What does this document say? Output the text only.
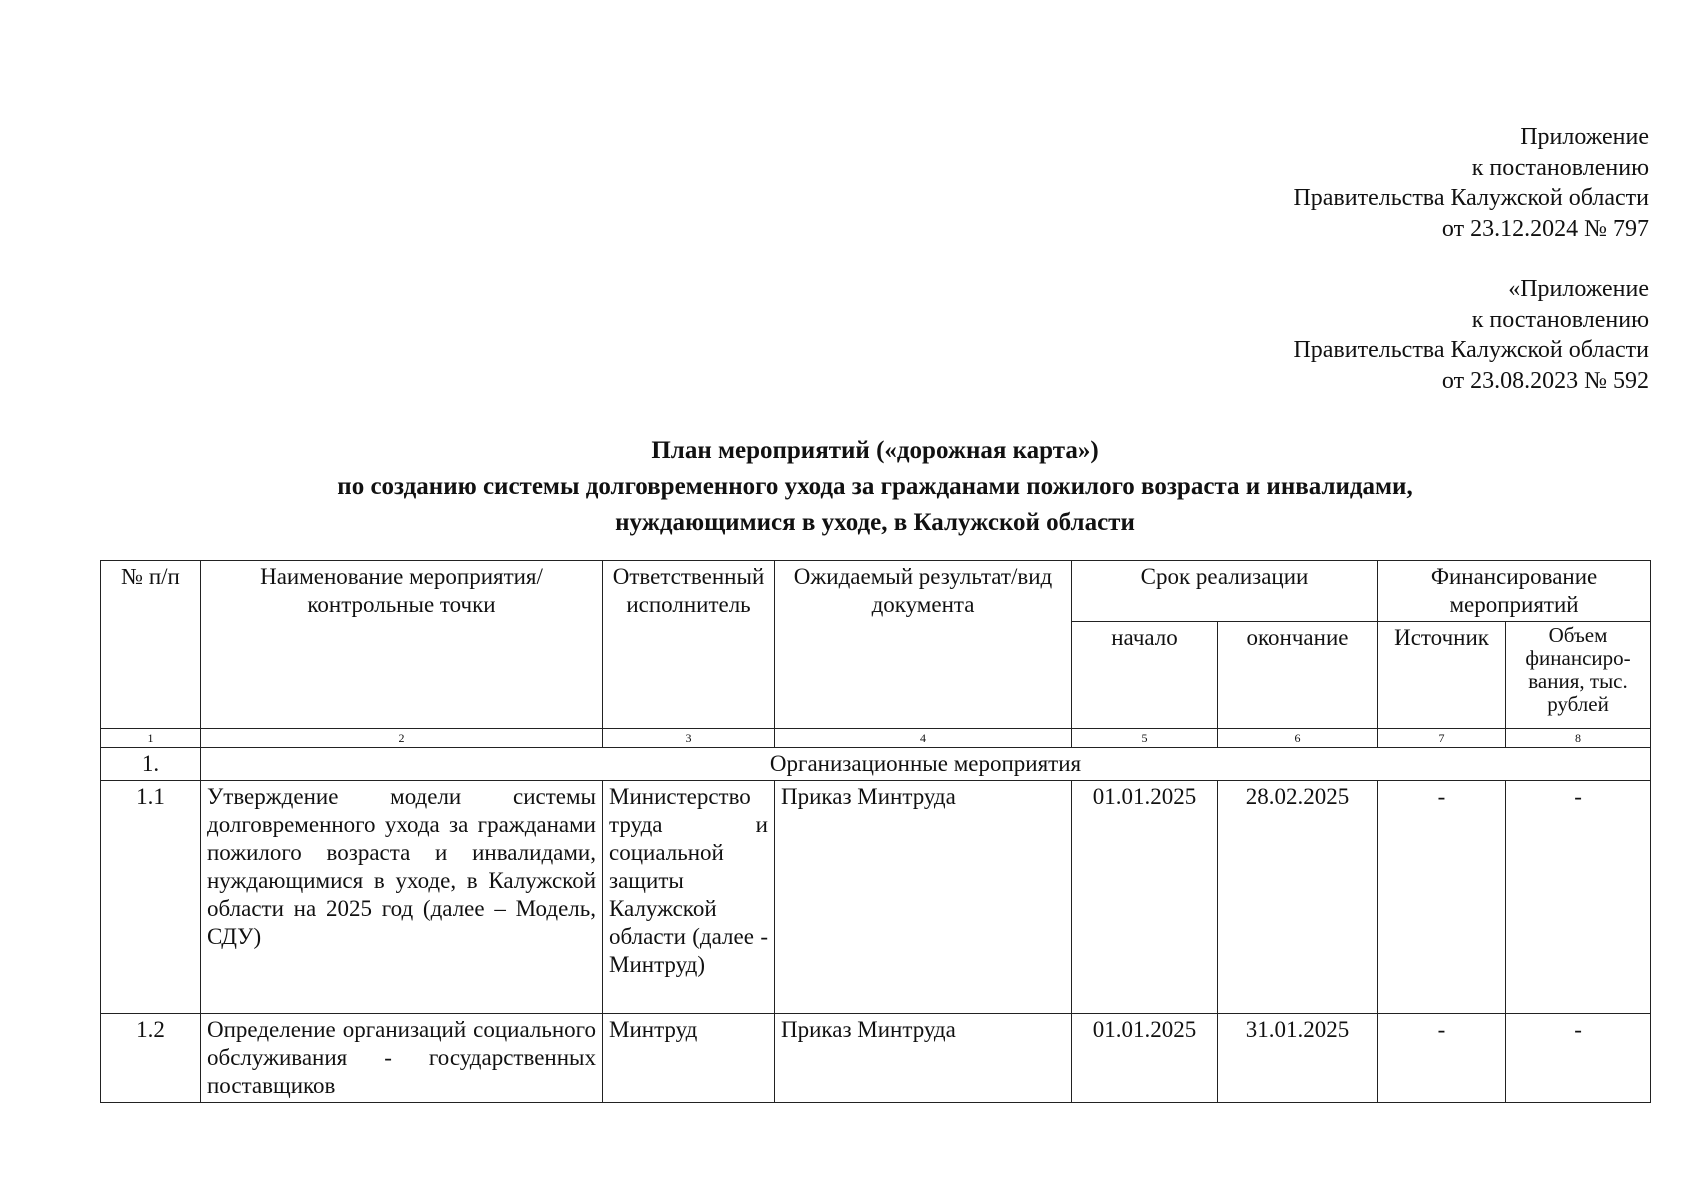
Приложение
к постановлению
Правительства Калужской области
от 23.12.2024 № 797
«Приложение
к постановлению
Правительства Калужской области
от 23.08.2023 № 592
План мероприятий («дорожная карта»)
по созданию системы долговременного ухода за гражданами пожилого возраста и инвалидами,
нуждающимися в уходе, в Калужской области
№ п/п	Наименование мероприятия/ контрольные точки	Ответственный исполнитель	Ожидаемый результат/вид документа	Срок реализации		Финансирование мероприятий	
				начало	окончание	Источник	Объем финансиро-вания, тыс. рублей
1	2	3	4	5	6	7	8
1.	Организационные мероприятия						
1.1	Утверждение модели системы долговременного ухода за гражданами пожилого возраста и инвалидами, нуждающимися в уходе, в Калужской области на 2025 год (далее – Модель, СДУ)	Министерство труда и социальной защиты Калужской области (далее - Минтруд)	Приказ Минтруда	01.01.2025	28.02.2025	-	-
1.2	Определение организаций социального обслуживания - государственных поставщиков	Минтруд	Приказ Минтруда	01.01.2025	31.01.2025	-	-
